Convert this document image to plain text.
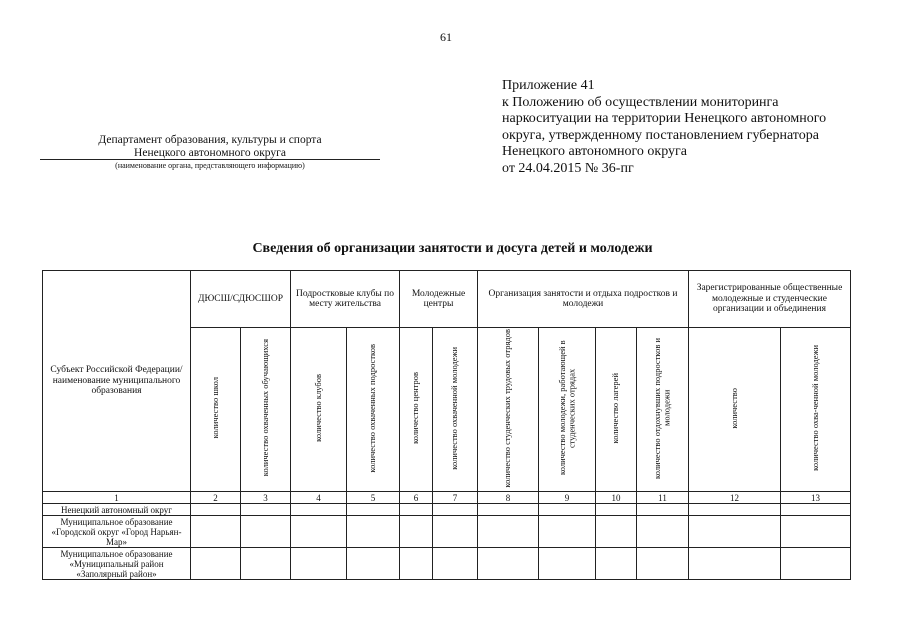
61
Приложение 41
к Положению об осуществлении мониторинга
наркоситуации на территории Ненецкого автономного
округа, утвержденному постановлением губернатора
Ненецкого автономного округа
от 24.04.2015 № 36-пг
Департамент образования, культуры и спорта
Ненецкого автономного округа
(наименование органа, представляющего информацию)
Сведения об организации занятости и досуга детей и молодежи
Субъект Российской Федерации/ наименование муниципального образования	ДЮСШ/СДЮСШОР		Подростковые клубы по месту жительства		Молодежные центры		Организация занятости и отдыха подростков и молодежи				Зарегистрированные общественные молодежные и студенческие организации и объединения	
	количество школ	количество охваченных обучающихся	количество клубов	количество охваченных подростков	количество центров	количество охваченной молодежи	количество студенческих трудовых отрядов	количество молодежи, работающей в студенческих отрядах	количество лагерей	количество отдохнувших подростков и молодежи	количество	количество охва-ченной молодежи
1	2	3	4	5	6	7	8	9	10	11	12	13
Ненецкий автономный округ												
Муниципальное образование «Городской округ «Город Нарьян-Мар»												
Муниципальное образование «Муниципальный район «Заполярный район»												
